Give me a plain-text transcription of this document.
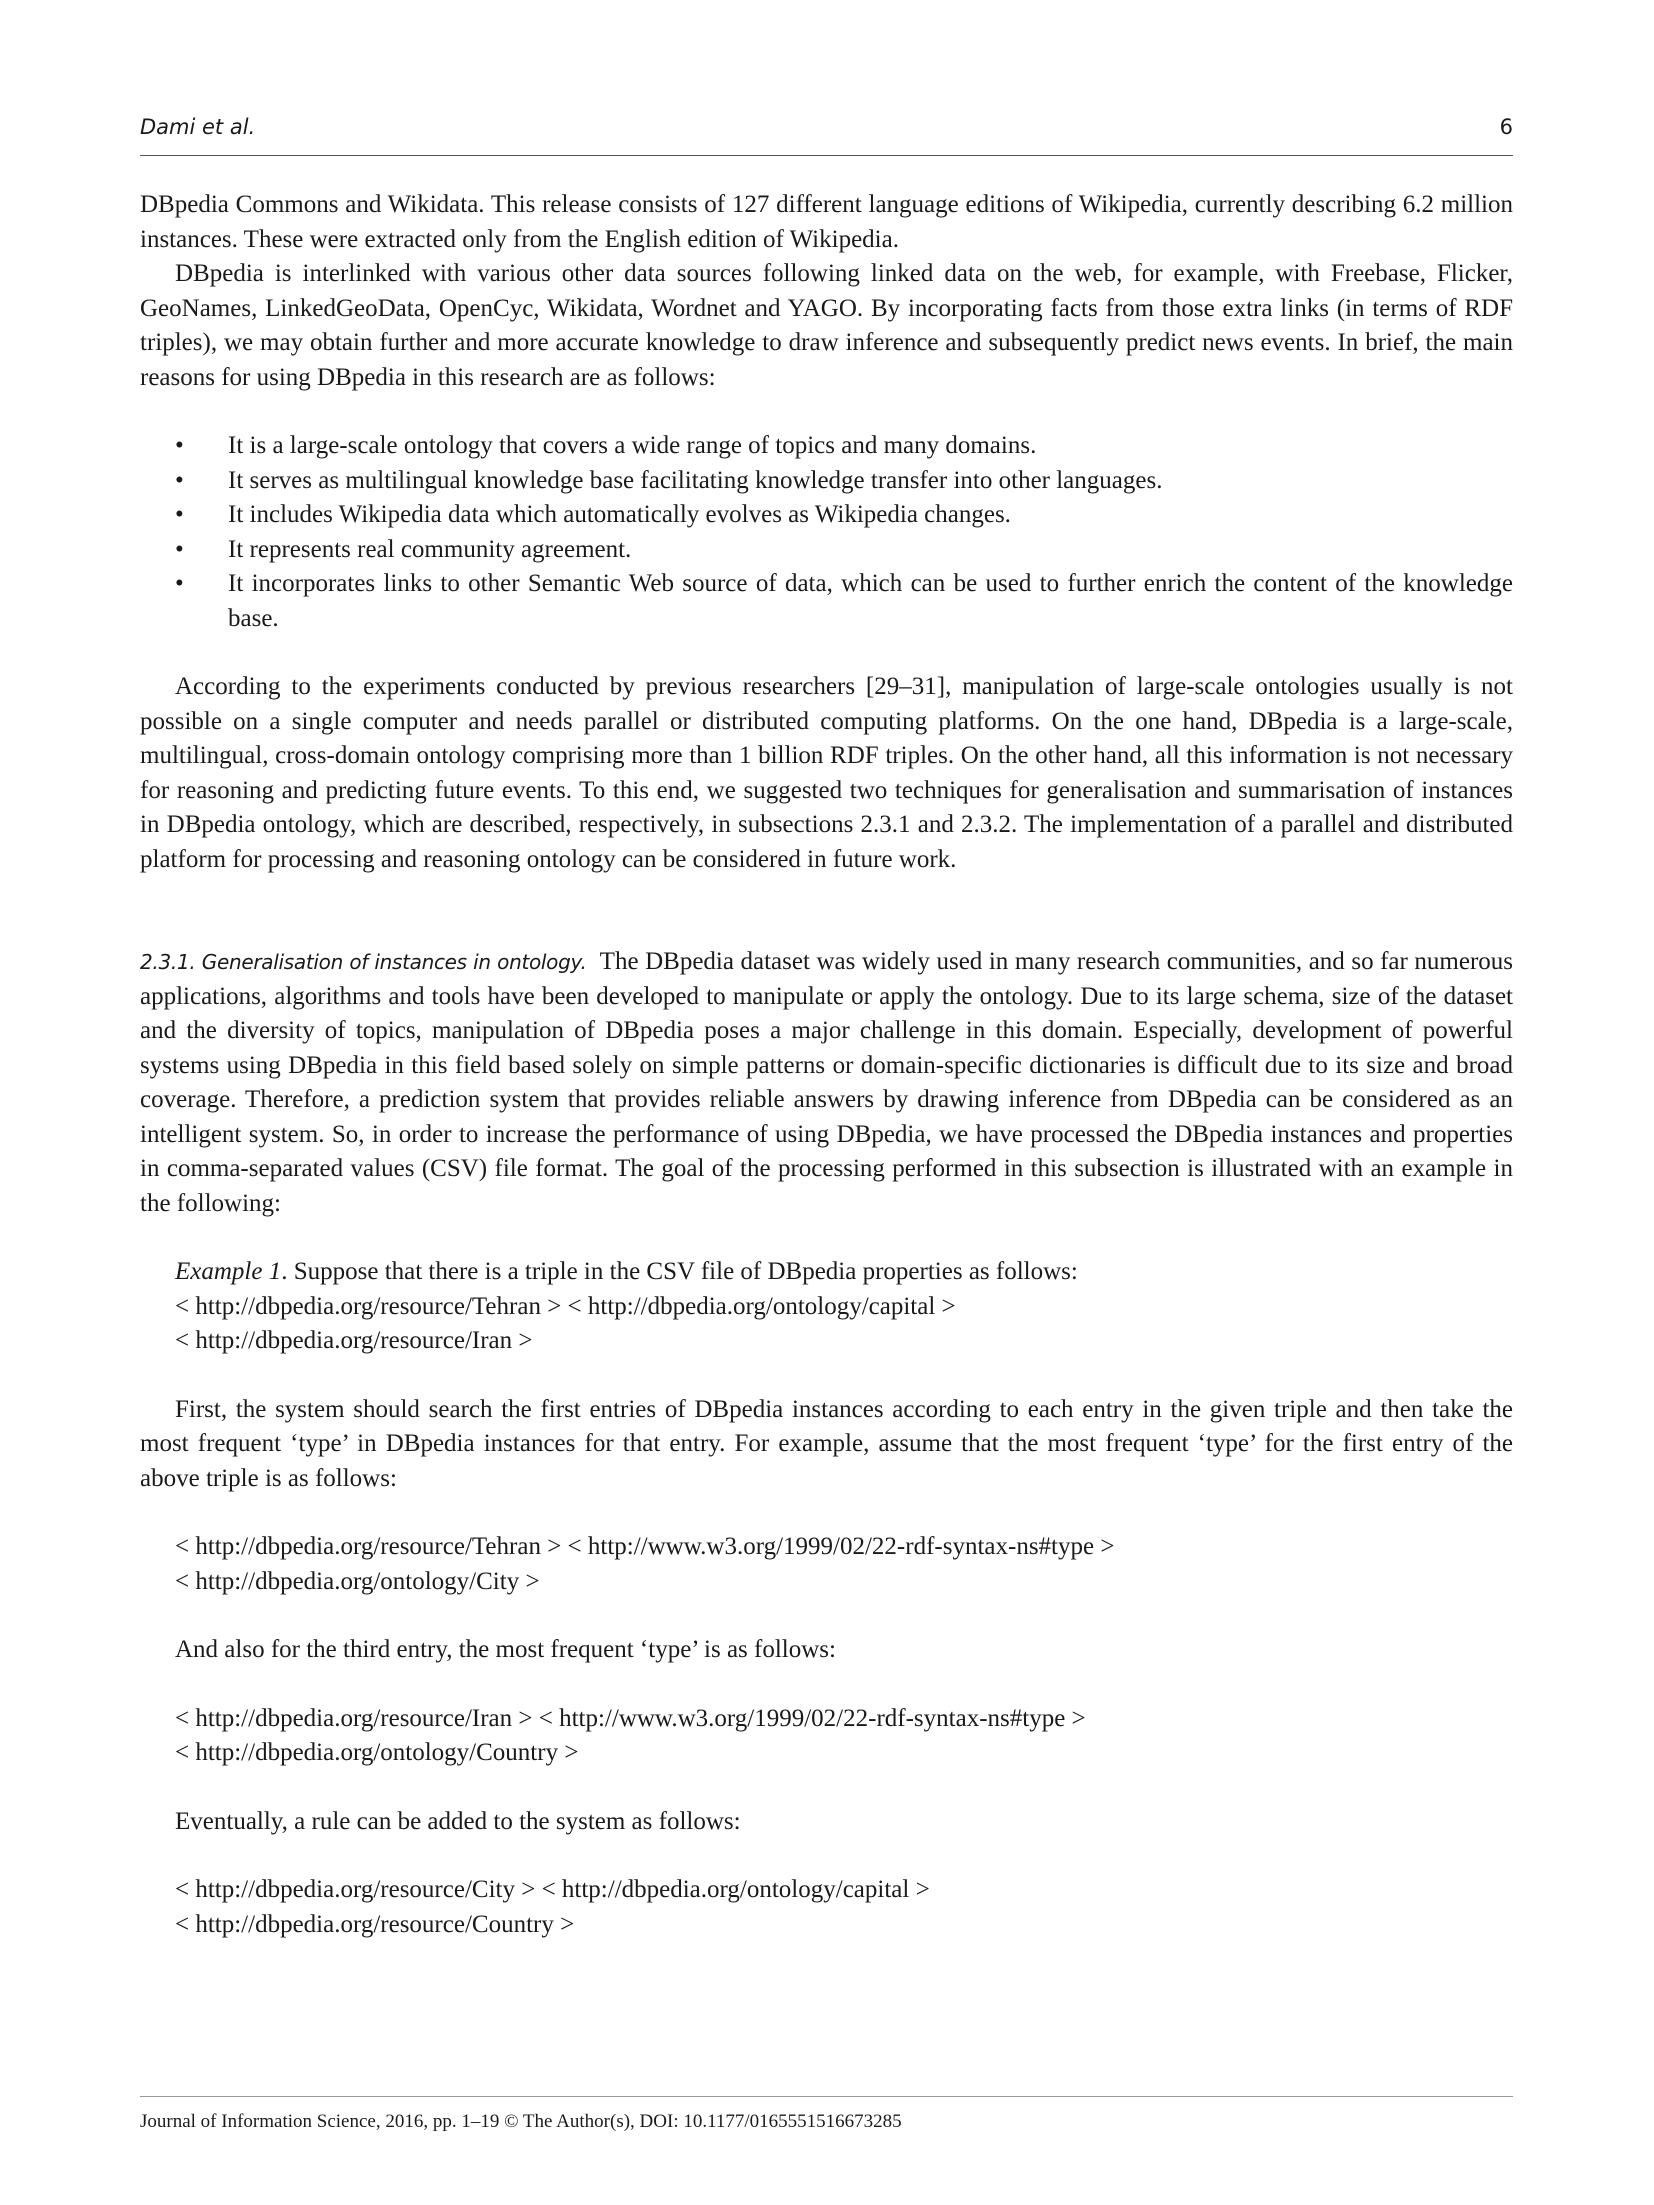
Dami et al.	6

DBpedia Commons and Wikidata. This release consists of 127 different language editions of Wikipedia, currently describing 6.2 million instances. These were extracted only from the English edition of Wikipedia.

DBpedia is interlinked with various other data sources following linked data on the web, for example, with Freebase, Flicker, GeoNames, LinkedGeoData, OpenCyc, Wikidata, Wordnet and YAGO. By incorporating facts from those extra links (in terms of RDF triples), we may obtain further and more accurate knowledge to draw inference and subsequently predict news events. In brief, the main reasons for using DBpedia in this research are as follows:

• It is a large-scale ontology that covers a wide range of topics and many domains.
• It serves as multilingual knowledge base facilitating knowledge transfer into other languages.
• It includes Wikipedia data which automatically evolves as Wikipedia changes.
• It represents real community agreement.
• It incorporates links to other Semantic Web source of data, which can be used to further enrich the content of the knowledge base.

According to the experiments conducted by previous researchers [29–31], manipulation of large-scale ontologies usually is not possible on a single computer and needs parallel or distributed computing platforms. On the one hand, DBpedia is a large-scale, multilingual, cross-domain ontology comprising more than 1 billion RDF triples. On the other hand, all this information is not necessary for reasoning and predicting future events. To this end, we suggested two techniques for generalisation and summarisation of instances in DBpedia ontology, which are described, respectively, in subsections 2.3.1 and 2.3.2. The implementation of a parallel and distributed platform for processing and reasoning ontology can be considered in future work.

2.3.1. Generalisation of instances in ontology. The DBpedia dataset was widely used in many research communities, and so far numerous applications, algorithms and tools have been developed to manipulate or apply the ontology. Due to its large schema, size of the dataset and the diversity of topics, manipulation of DBpedia poses a major challenge in this domain. Especially, development of powerful systems using DBpedia in this field based solely on simple patterns or domain-specific dictionaries is difficult due to its size and broad coverage. Therefore, a prediction system that provides reliable answers by drawing inference from DBpedia can be considered as an intelligent system. So, in order to increase the performance of using DBpedia, we have processed the DBpedia instances and properties in comma-separated values (CSV) file format. The goal of the processing performed in this subsection is illustrated with an example in the following:

Example 1. Suppose that there is a triple in the CSV file of DBpedia properties as follows:
< http://dbpedia.org/resource/Tehran > < http://dbpedia.org/ontology/capital >
< http://dbpedia.org/resource/Iran >

First, the system should search the first entries of DBpedia instances according to each entry in the given triple and then take the most frequent ‘type’ in DBpedia instances for that entry. For example, assume that the most frequent ‘type’ for the first entry of the above triple is as follows:

< http://dbpedia.org/resource/Tehran > < http://www.w3.org/1999/02/22-rdf-syntax-ns#type >
< http://dbpedia.org/ontology/City >

And also for the third entry, the most frequent ‘type’ is as follows:

< http://dbpedia.org/resource/Iran > < http://www.w3.org/1999/02/22-rdf-syntax-ns#type >
< http://dbpedia.org/ontology/Country >

Eventually, a rule can be added to the system as follows:

< http://dbpedia.org/resource/City > < http://dbpedia.org/ontology/capital >
< http://dbpedia.org/resource/Country >
Journal of Information Science, 2016, pp. 1–19 © The Author(s), DOI: 10.1177/0165551516673285
